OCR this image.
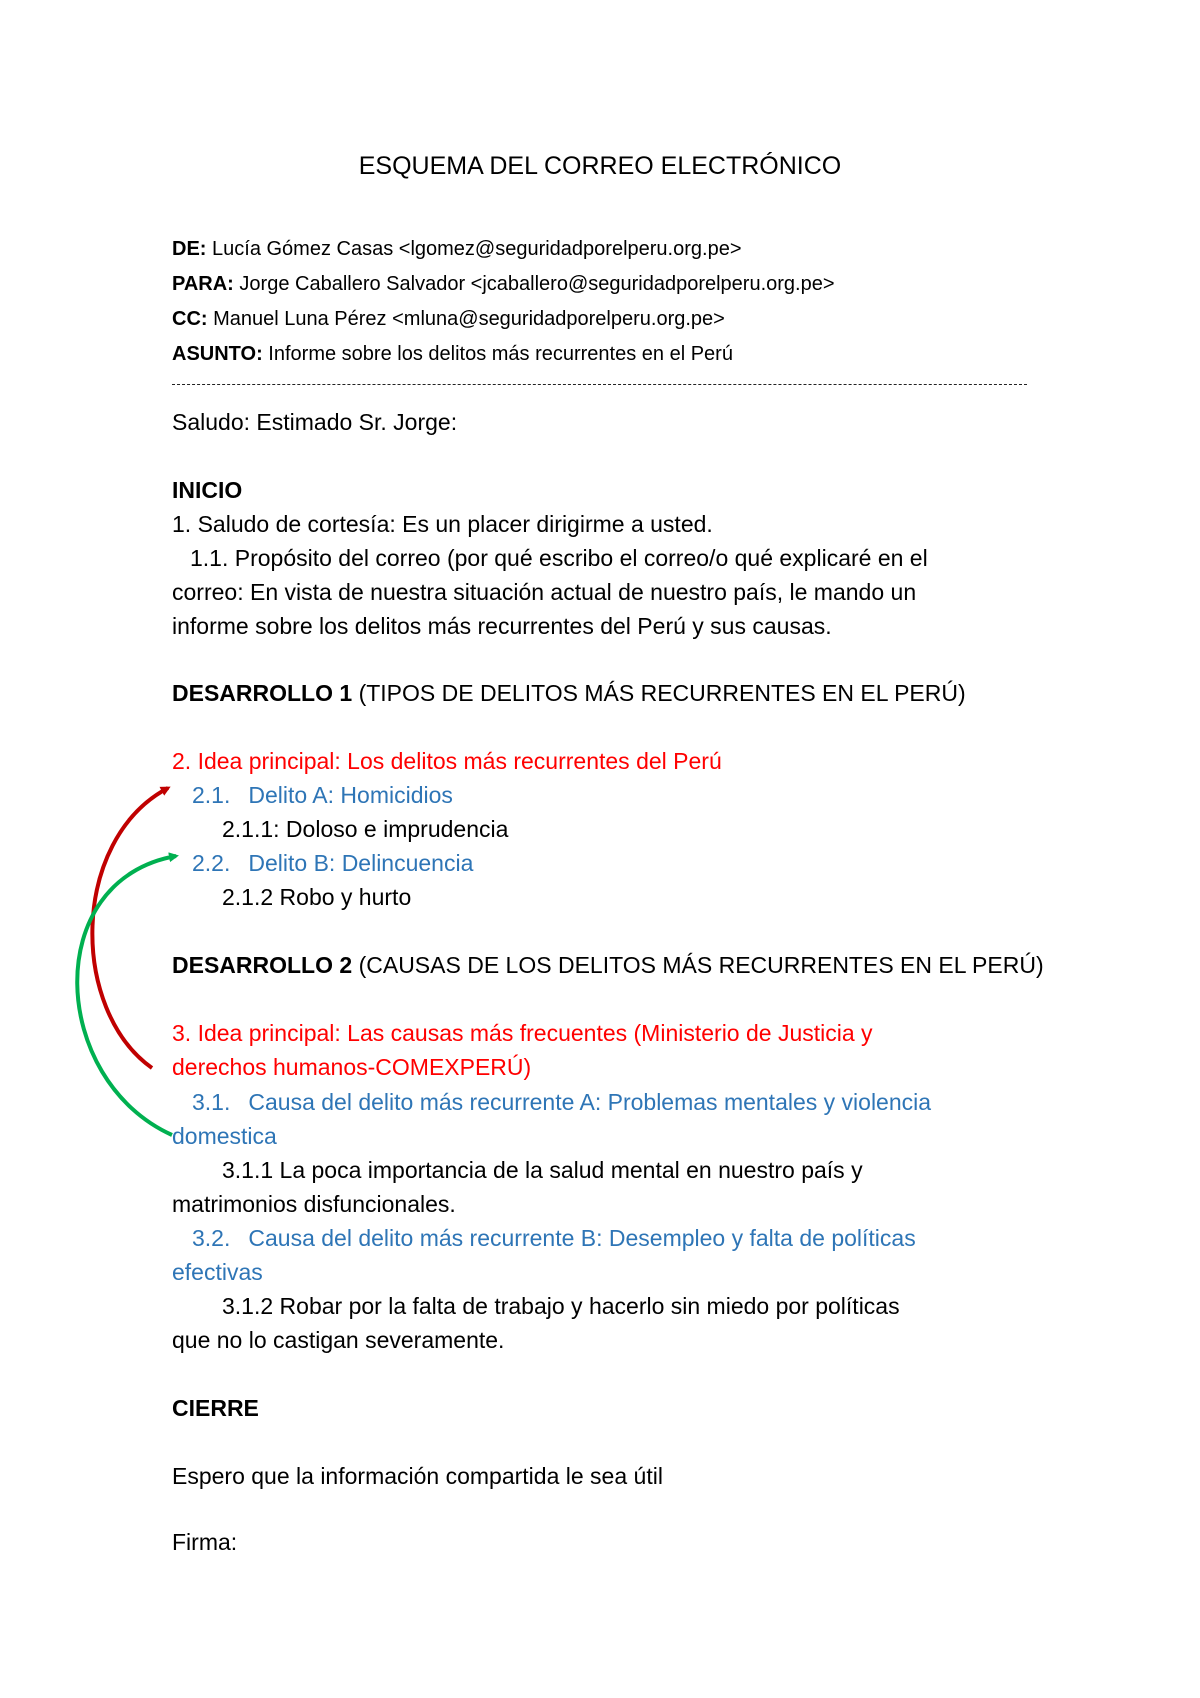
ESQUEMA DEL CORREO ELECTRÓNICO
DE: Lucía Gómez Casas <lgomez@seguridadporelperu.org.pe>
PARA: Jorge Caballero Salvador <jcaballero@seguridadporelperu.org.pe>
CC: Manuel Luna Pérez <mluna@seguridadporelperu.org.pe>
ASUNTO: Informe sobre los delitos más recurrentes en el Perú
Saludo: Estimado Sr. Jorge:
INICIO
1. Saludo de cortesía: Es un placer dirigirme a usted.
1.1. Propósito del correo (por qué escribo el correo/o qué explicaré en el
correo: En vista de nuestra situación actual de nuestro país, le mando un
informe sobre los delitos más recurrentes del Perú y sus causas.
DESARROLLO 1 (TIPOS DE DELITOS MÁS RECURRENTES EN EL PERÚ)
2. Idea principal: Los delitos más recurrentes del Perú
2.1. Delito A: Homicidios
2.1.1: Doloso e imprudencia
2.2. Delito B: Delincuencia
2.1.2 Robo y hurto
DESARROLLO 2 (CAUSAS DE LOS DELITOS MÁS RECURRENTES EN EL PERÚ)
3. Idea principal: Las causas más frecuentes (Ministerio de Justicia y
derechos humanos-COMEXPERÚ)
3.1. Causa del delito más recurrente A: Problemas mentales y violencia
domestica
3.1.1 La poca importancia de la salud mental en nuestro país y
matrimonios disfuncionales.
3.2. Causa del delito más recurrente B: Desempleo y falta de políticas
efectivas
3.1.2 Robar por la falta de trabajo y hacerlo sin miedo por políticas
que no lo castigan severamente.
CIERRE
Espero que la información compartida le sea útil
Firma:
